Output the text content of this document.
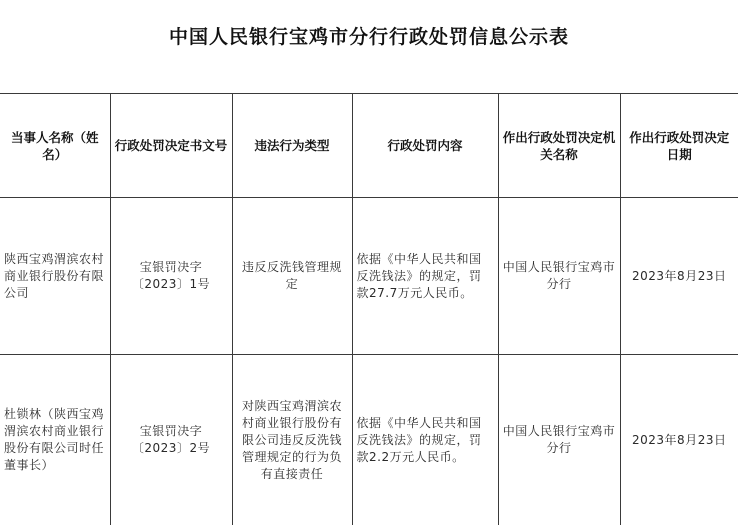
中国人民银行宝鸡市分行行政处罚信息公示表
当事人名称（姓名）	行政处罚决定书文号	违法行为类型	行政处罚内容	作出行政处罚决定机关名称	作出行政处罚决定日期
陕西宝鸡渭滨农村商业银行股份有限公司	宝银罚决字〔2023〕1号	违反反洗钱管理规定	依据《中华人民共和国反洗钱法》的规定，罚款27.7万元人民币。	中国人民银行宝鸡市分行	2023年8月23日
杜锁林（陕西宝鸡渭滨农村商业银行股份有限公司时任董事长）	宝银罚决字〔2023〕2号	对陕西宝鸡渭滨农村商业银行股份有限公司违反反洗钱管理规定的行为负有直接责任	依据《中华人民共和国反洗钱法》的规定，罚款2.2万元人民币。	中国人民银行宝鸡市分行	2023年8月23日
